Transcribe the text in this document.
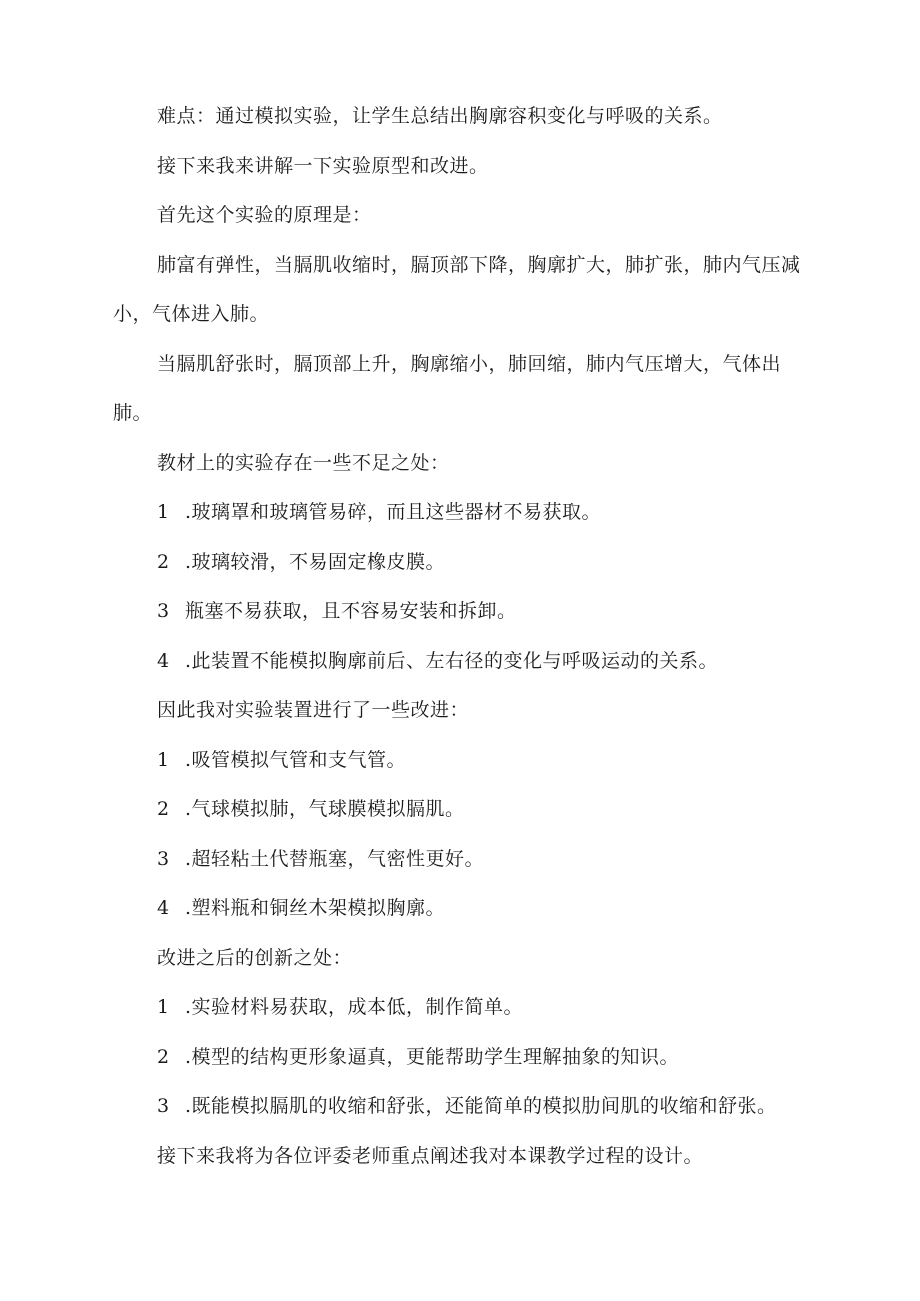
难点：通过模拟实验，让学生总结出胸廓容积变化与呼吸的关系。
接下来我来讲解一下实验原型和改进。
首先这个实验的原理是：
肺富有弹性，当膈肌收缩时，膈顶部下降，胸廓扩大，肺扩张，肺内气压减
小，气体进入肺。
当膈肌舒张时，膈顶部上升，胸廓缩小，肺回缩，肺内气压增大，气体出
肺。
教材上的实验存在一些不足之处：
1 .玻璃罩和玻璃管易碎，而且这些器材不易获取。
2 .玻璃较滑，不易固定橡皮膜。
3 瓶塞不易获取，且不容易安装和拆卸。
4 .此装置不能模拟胸廓前后、左右径的变化与呼吸运动的关系。
因此我对实验装置进行了一些改进：
1 .吸管模拟气管和支气管。
2 .气球模拟肺，气球膜模拟膈肌。
3 .超轻粘土代替瓶塞，气密性更好。
4 .塑料瓶和铜丝木架模拟胸廓。
改进之后的创新之处：
1 .实验材料易获取，成本低，制作简单。
2 .模型的结构更形象逼真，更能帮助学生理解抽象的知识。
3 .既能模拟膈肌的收缩和舒张，还能简单的模拟肋间肌的收缩和舒张。
接下来我将为各位评委老师重点阐述我对本课教学过程的设计。
